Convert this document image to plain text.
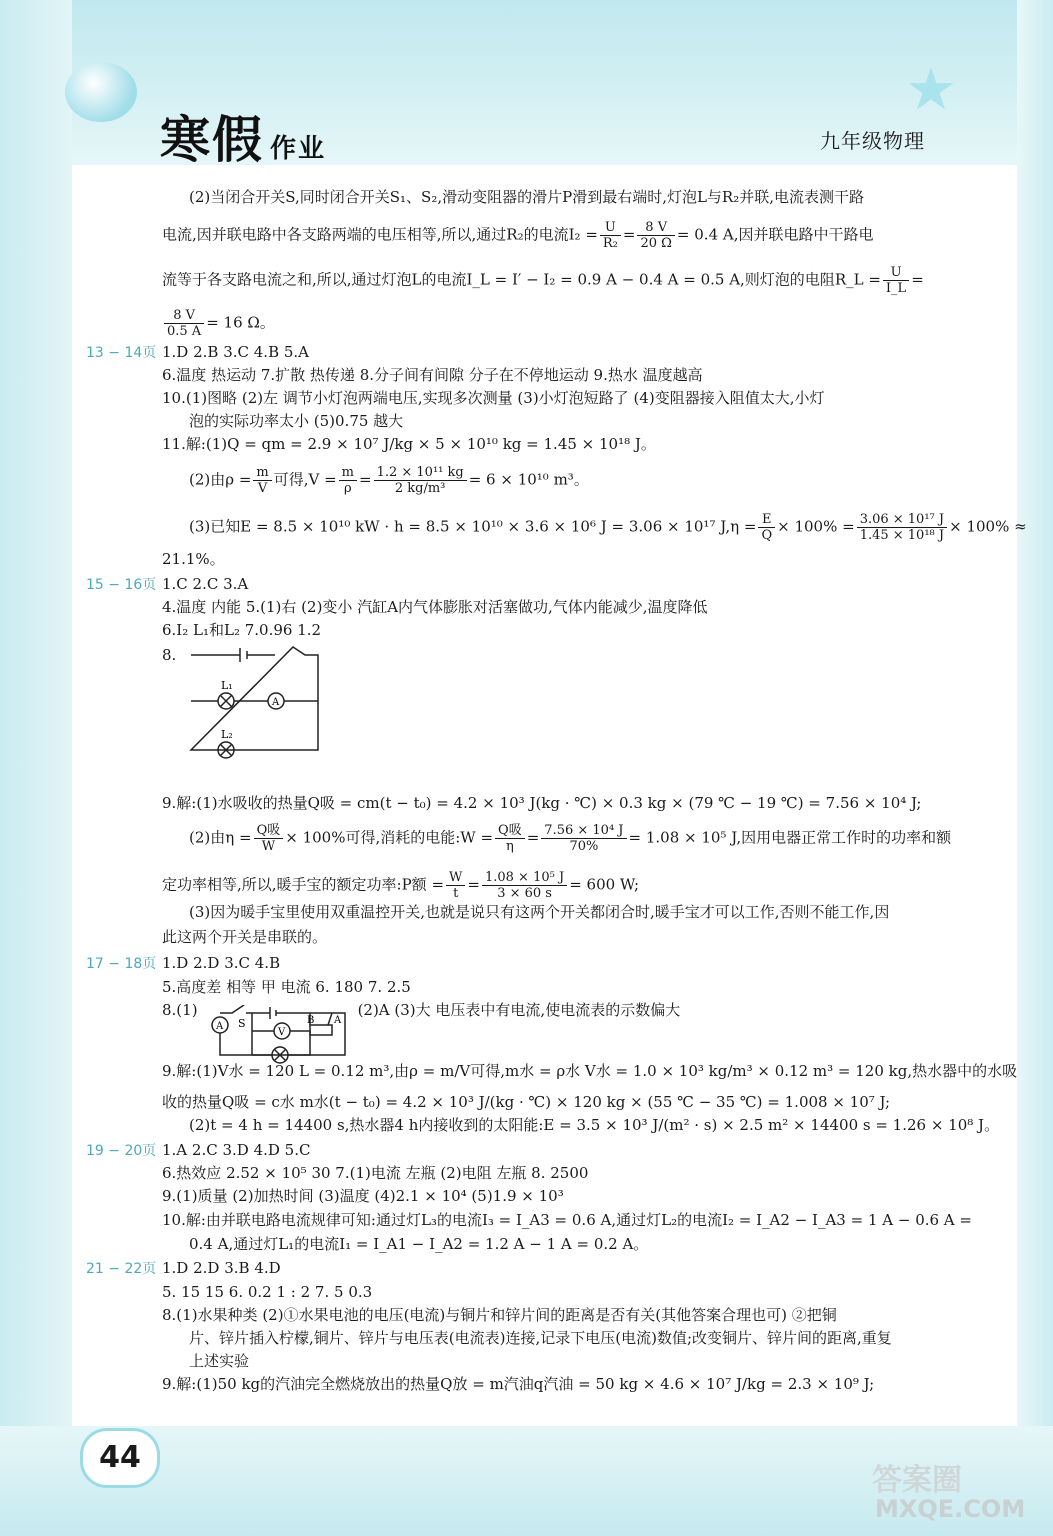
★
寒假 作业	九年级物理
(2)当闭合开关S,同时闭合开关S₁、S₂,滑动变阻器的滑片P滑到最右端时,灯泡L与R₂并联,电流表测干路
电流,因并联电路中各支路两端的电压相等,所以,通过R₂的电流$I_2 = \frac{U}{\text{R₂}} = \frac{8 V}{20 \Omega} = 0.4$ A,因并联电路中干路电
流等于各支路电流之和,所以,通过灯泡L的电流I_L = I′ − I₂ = 0.9 A − 0.4 A = 0.5 A,则灯泡的电阻R_L = $\frac{U}{I\_L}$ =
$\frac{8 V}{0.5 A} = 16$ Ω。
13 − 14页 1.D 2.B 3.C 4.B 5.A
6.温度 热运动 7.扩散 热传递 8.分子间有间隙 分子在不停地运动 9.热水 温度越高
10.(1)图略 (2)左 调节小灯泡两端电压,实现多次测量 (3)小灯泡短路了 (4)变阻器接入阻值太大,小灯
泡的实际功率太小 (5)0.75 越大
11.解:(1)Q = qm = 2.9 × 10⁷ J/kg × 5 × 10¹⁰ kg = 1.45 × 10¹⁸ J。
(2)由$\rho = \frac{m}{V}$ 可得$,V = \frac{m}{\rho} = \frac{\text{1.2 × 10¹¹ kg}}{\text{2 kg/m³}} = 6 \times 10^{10}$ m³。
(3)已知E = 8.5 × 10¹⁰ kW · h = 8.5 × 10¹⁰ × 3.6 × 10⁶ J = 3.06 × 10¹⁷ $J,\eta = \frac{E}{Q} \times 100\% = \frac{\text{3.06 × 10¹⁷ J}}{\text{1.45 × 10¹⁸ J}} \times 100\%$ ≈
21.1%。
15 − 16页 1.C 2.C 3.A
4.温度 内能 5.(1)右 (2)变小 汽缸A内气体膨胀对活塞做功,气体内能减少,温度降低
6.I₂ L₁和L₂ 7.0.96 1.2
8.
L₁
L₂
A
9.解:(1)水吸收的热量Q吸 = cm(t − t₀) = 4.2 × 10³ J(kg · ℃) × 0.3 kg × (79 ℃ − 19 ℃) = 7.56 × 10⁴ J;
(2)由$\eta = \frac{\text{Q吸}}{W} \times 100\%$可得,消耗的电能:W = $\frac{\text{Q吸}}{\eta} = \frac{\text{7.56 × 10⁴ J}}{70\%} = 1.08 \times 10^5$ J,因用电器正常工作时的功率和额
定功率相等,所以,暖手宝的额定功率:P额 = $\frac{W}{t} = \frac{\text{1.08 × 10⁵ J}}{3 \times 60 s} = 600$ W;
(3)因为暖手宝里使用双重温控开关,也就是说只有这两个开关都闭合时,暖手宝才可以工作,否则不能工作,因
此这两个开关是串联的。
17 − 18页 1.D 2.D 3.C 4.B
5.高度差 相等 甲 电流 6. 180 7. 2.5
8.(1)	(2)A (3)大 电压表中有电流,使电流表的示数偏大
S	B A
V
A
9.解:(1)V水 = 120 L = 0.12 m³,由ρ = m/V可得,m水 = ρ水 V水 = 1.0 × 10³ kg/m³ × 0.12 m³ = 120 kg,热水器中的水吸
收的热量Q吸 = c水 m水(t − t₀) = 4.2 × 10³ J/(kg · ℃) × 120 kg × (55 ℃ − 35 ℃) = 1.008 × 10⁷ J;
(2)t = 4 h = 14400 s,热水器4 h内接收到的太阳能:E = 3.5 × 10³ J/(m² · s) × 2.5 m² × 14400 s = 1.26 × 10⁸ J。
19 − 20页 1.A 2.C 3.D 4.D 5.C
6.热效应 2.52 × 10⁵ 30 7.(1)电流 左瓶 (2)电阻 左瓶 8. 2500
9.(1)质量 (2)加热时间 (3)温度 (4)2.1 × 10⁴ (5)1.9 × 10³
10.解:由并联电路电流规律可知:通过灯L₃的电流I₃ = I_A3 = 0.6 A,通过灯L₂的电流I₂ = I_A2 − I_A3 = 1 A − 0.6 A =
0.4 A,通过灯L₁的电流I₁ = I_A1 − I_A2 = 1.2 A − 1 A = 0.2 A。
21 − 22页 1.D 2.D 3.B 4.D
5. 15 15 6. 0.2 1 : 2 7. 5 0.3
8.(1)水果种类 (2)①水果电池的电压(电流)与铜片和锌片间的距离是否有关(其他答案合理也可) ②把铜
片、锌片插入柠檬,铜片、锌片与电压表(电流表)连接,记录下电压(电流)数值;改变铜片、锌片间的距离,重复
上述实验
9.解:(1)50 kg的汽油完全燃烧放出的热量Q放 = m汽油q汽油 = 50 kg × 4.6 × 10⁷ J/kg = 2.3 × 10⁹ J;
44
答案圈
MXQE.COM
